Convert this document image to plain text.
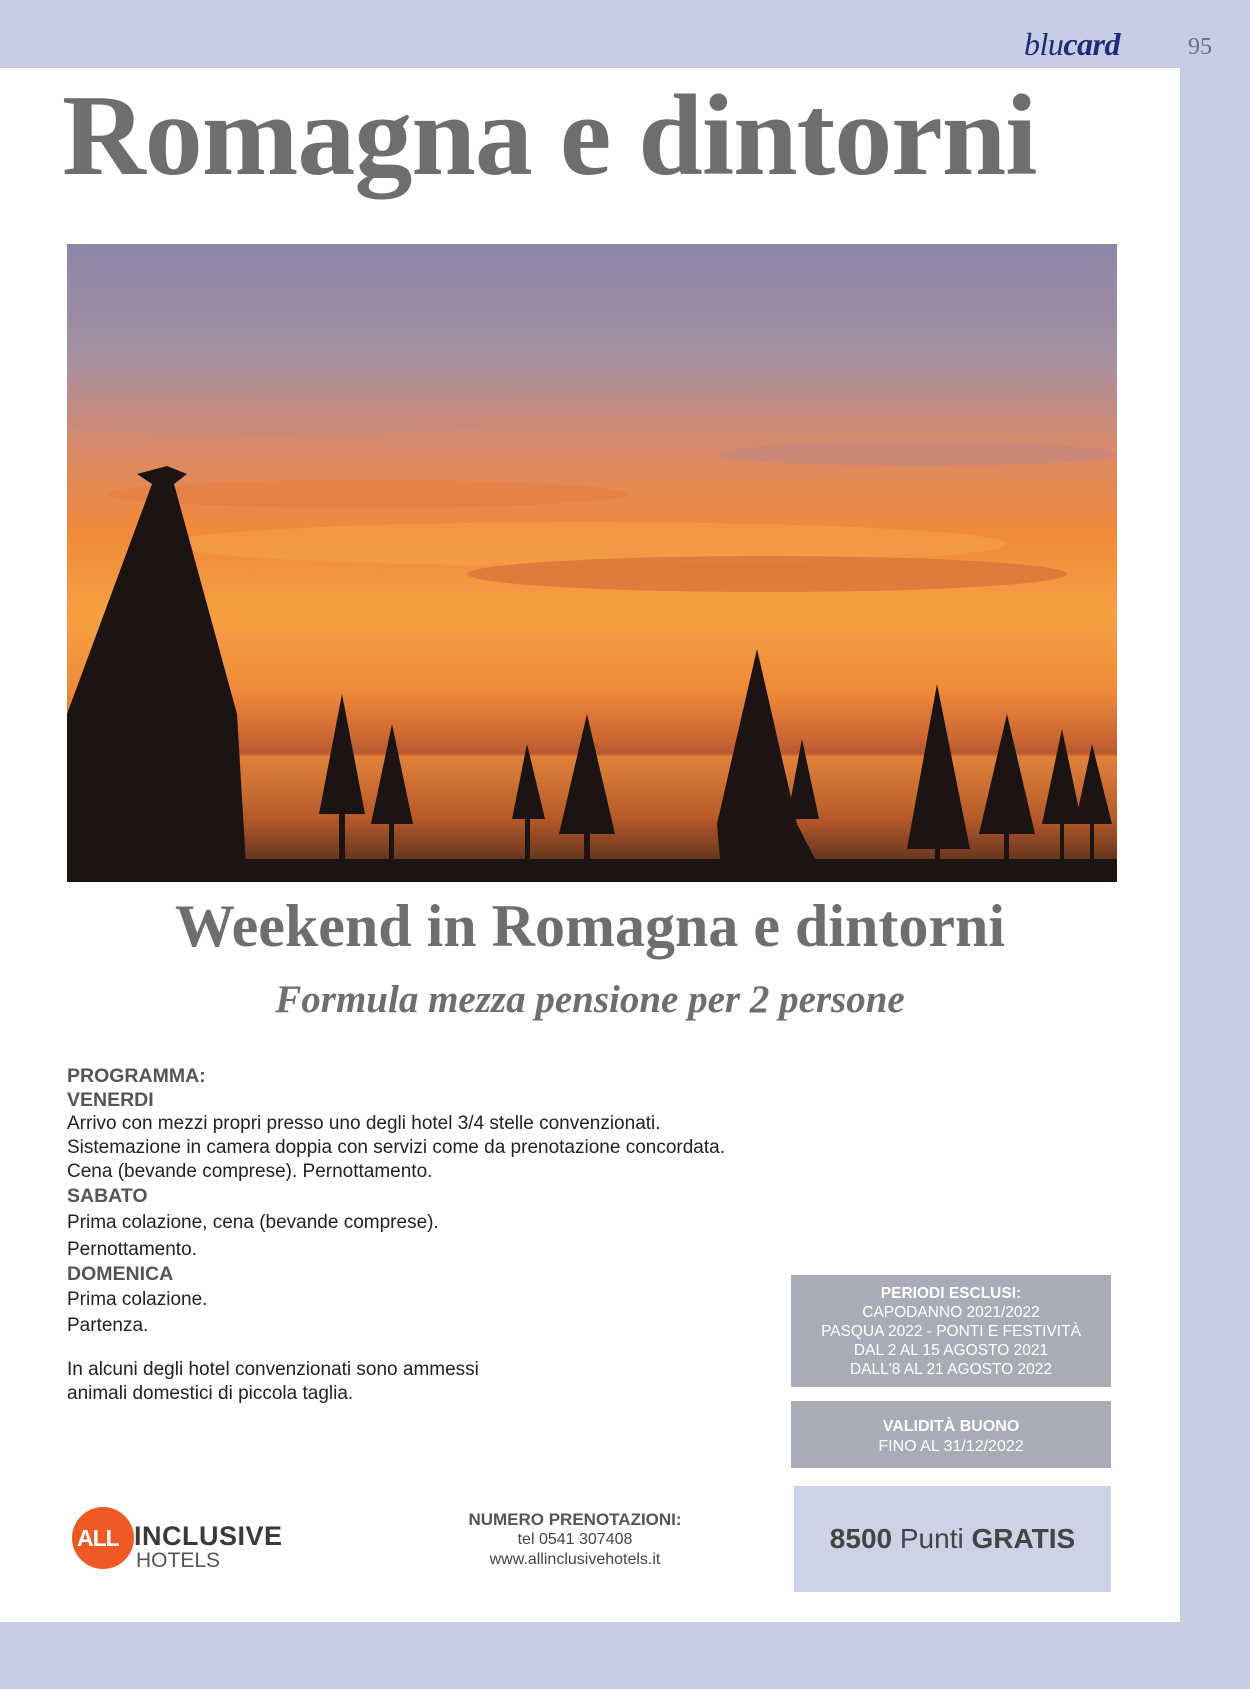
blucard	95
Romagna e dintorni
Weekend in Romagna e dintorni
Formula mezza pensione per 2 persone
PROGRAMMA:
VENERDI
Arrivo con mezzi propri presso uno degli hotel 3/4 stelle convenzionati.
Sistemazione in camera doppia con servizi come da prenotazione concordata.
Cena (bevande comprese). Pernottamento.
SABATO
Prima colazione, cena (bevande comprese).
Pernottamento.
DOMENICA
Prima colazione.
Partenza.
In alcuni degli hotel convenzionati sono ammessi
animali domestici di piccola taglia.
PERIODI ESCLUSI:
CAPODANNO 2021/2022
PASQUA 2022 - PONTI E FESTIVITÀ
DAL 2 AL 15 AGOSTO 2021
DALL'8 AL 21 AGOSTO 2022
VALIDITÀ BUONO
FINO AL 31/12/2022
8500
Punti
GRATIS
ALL INCLUSIVE
HOTELS
NUMERO PRENOTAZIONI:
tel 0541 307408
www.allinclusivehotels.it
